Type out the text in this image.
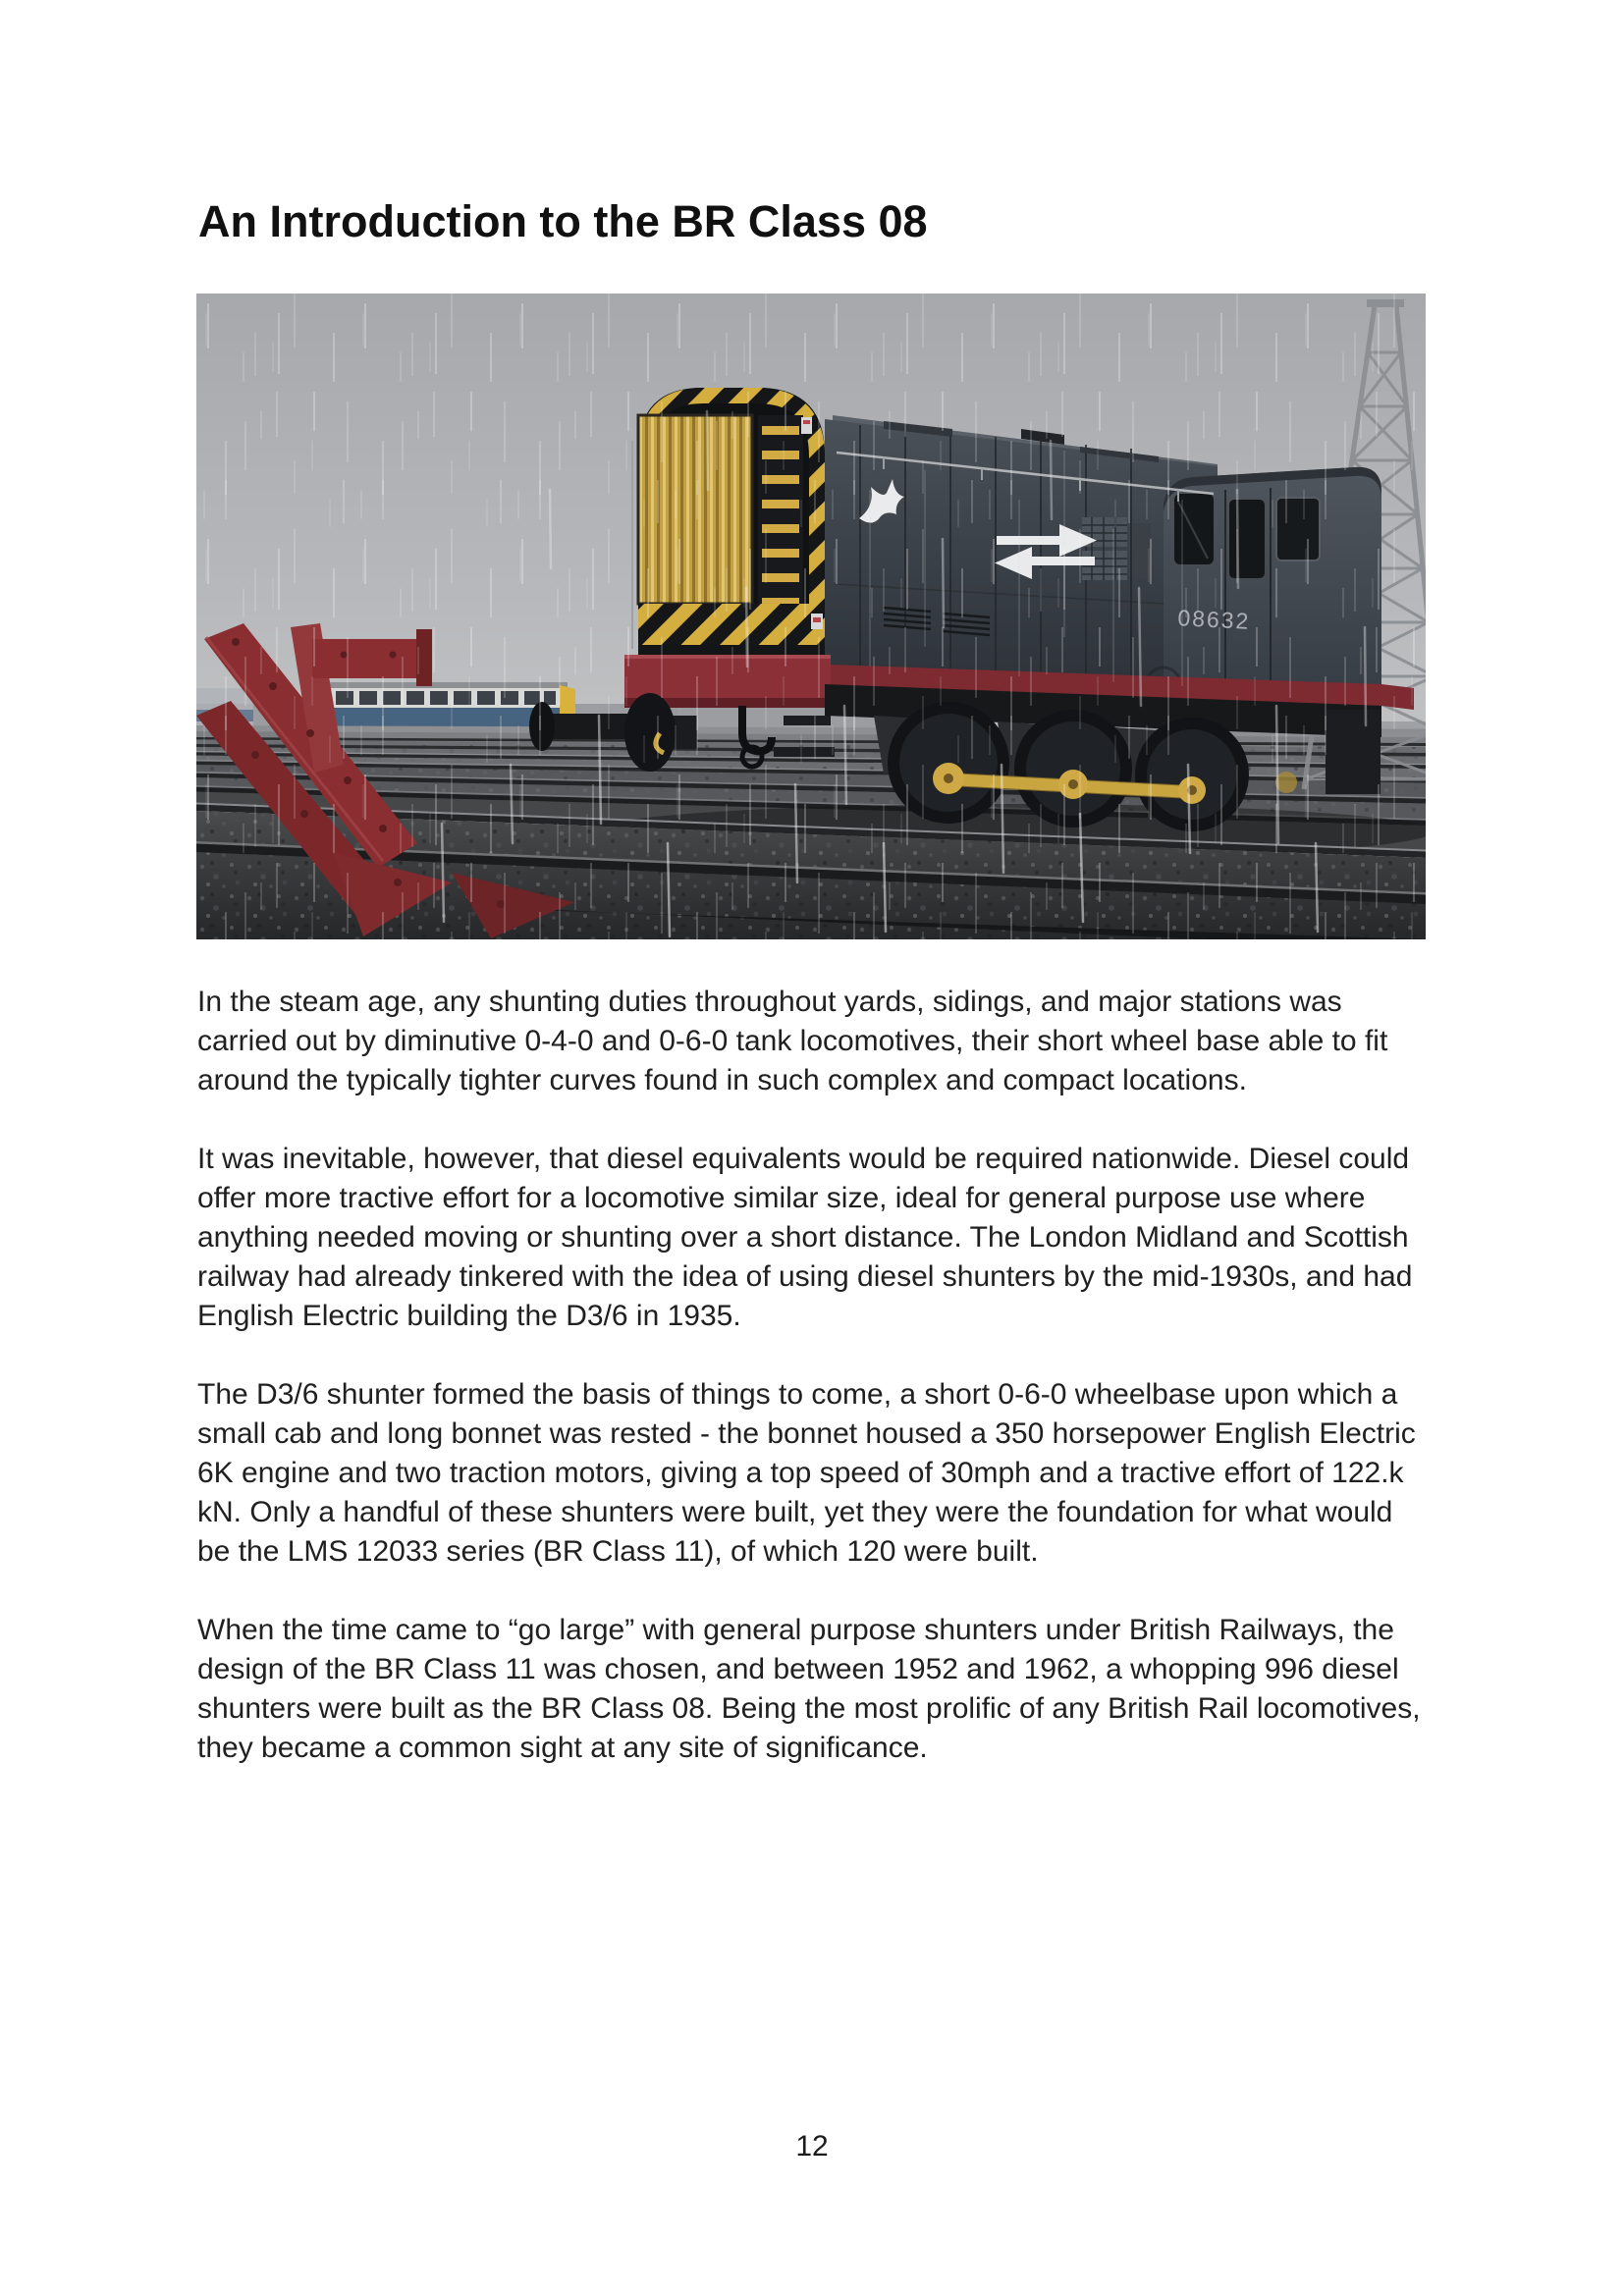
An Introduction to the BR Class 08

In the steam age, any shunting duties throughout yards, sidings, and major stations was carried out by diminutive 0-4-0 and 0-6-0 tank locomotives, their short wheel base able to fit around the typically tighter curves found in such complex and compact locations.

It was inevitable, however, that diesel equivalents would be required nationwide. Diesel could offer more tractive effort for a locomotive similar size, ideal for general purpose use where anything needed moving or shunting over a short distance. The London Midland and Scottish railway had already tinkered with the idea of using diesel shunters by the mid-1930s, and had English Electric building the D3/6 in 1935.

The D3/6 shunter formed the basis of things to come, a short 0-6-0 wheelbase upon which a small cab and long bonnet was rested - the bonnet housed a 350 horsepower English Electric 6K engine and two traction motors, giving a top speed of 30mph and a tractive effort of 122.k kN. Only a handful of these shunters were built, yet they were the foundation for what would be the LMS 12033 series (BR Class 11), of which 120 were built.

When the time came to “go large” with general purpose shunters under British Railways, the design of the BR Class 11 was chosen, and between 1952 and 1962, a whopping 996 diesel shunters were built as the BR Class 08. Being the most prolific of any British Rail locomotives, they became a common sight at any site of significance.

12
